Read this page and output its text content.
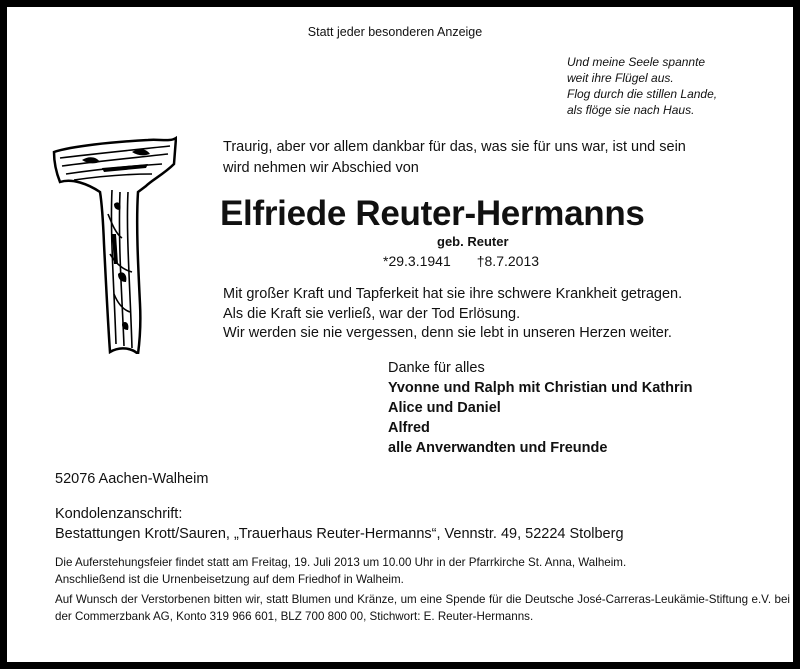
Statt jeder besonderen Anzeige
Und meine Seele spannte
weit ihre Flügel aus.
Flog durch die stillen Lande,
als flöge sie nach Haus.
Traurig, aber vor allem dankbar für das, was sie für uns war, ist und sein
wird nehmen wir Abschied von
Elfriede Reuter-Hermanns
geb. Reuter
*29.3.1941 †8.7.2013
Mit großer Kraft und Tapferkeit hat sie ihre schwere Krankheit getragen.
Als die Kraft sie verließ, war der Tod Erlösung.
Wir werden sie nie vergessen, denn sie lebt in unseren Herzen weiter.
Danke für alles
Yvonne und Ralph mit Christian und Kathrin
Alice und Daniel
Alfred
alle Anverwandten und Freunde
52076 Aachen-Walheim
Kondolenzanschrift:
Bestattungen Krott/Sauren, „Trauerhaus Reuter-Hermanns“, Vennstr. 49, 52224 Stolberg
Die Auferstehungsfeier findet statt am Freitag, 19. Juli 2013 um 10.00 Uhr in der Pfarrkirche St. Anna, Walheim.
Anschließend ist die Urnenbeisetzung auf dem Friedhof in Walheim.
Auf Wunsch der Verstorbenen bitten wir, statt Blumen und Kränze, um eine Spende für die Deutsche José-Carreras-Leukämie-Stiftung e.V. bei der Commerzbank AG, Konto 319 966 601, BLZ 700 800 00, Stichwort: E. Reuter-Hermanns.
